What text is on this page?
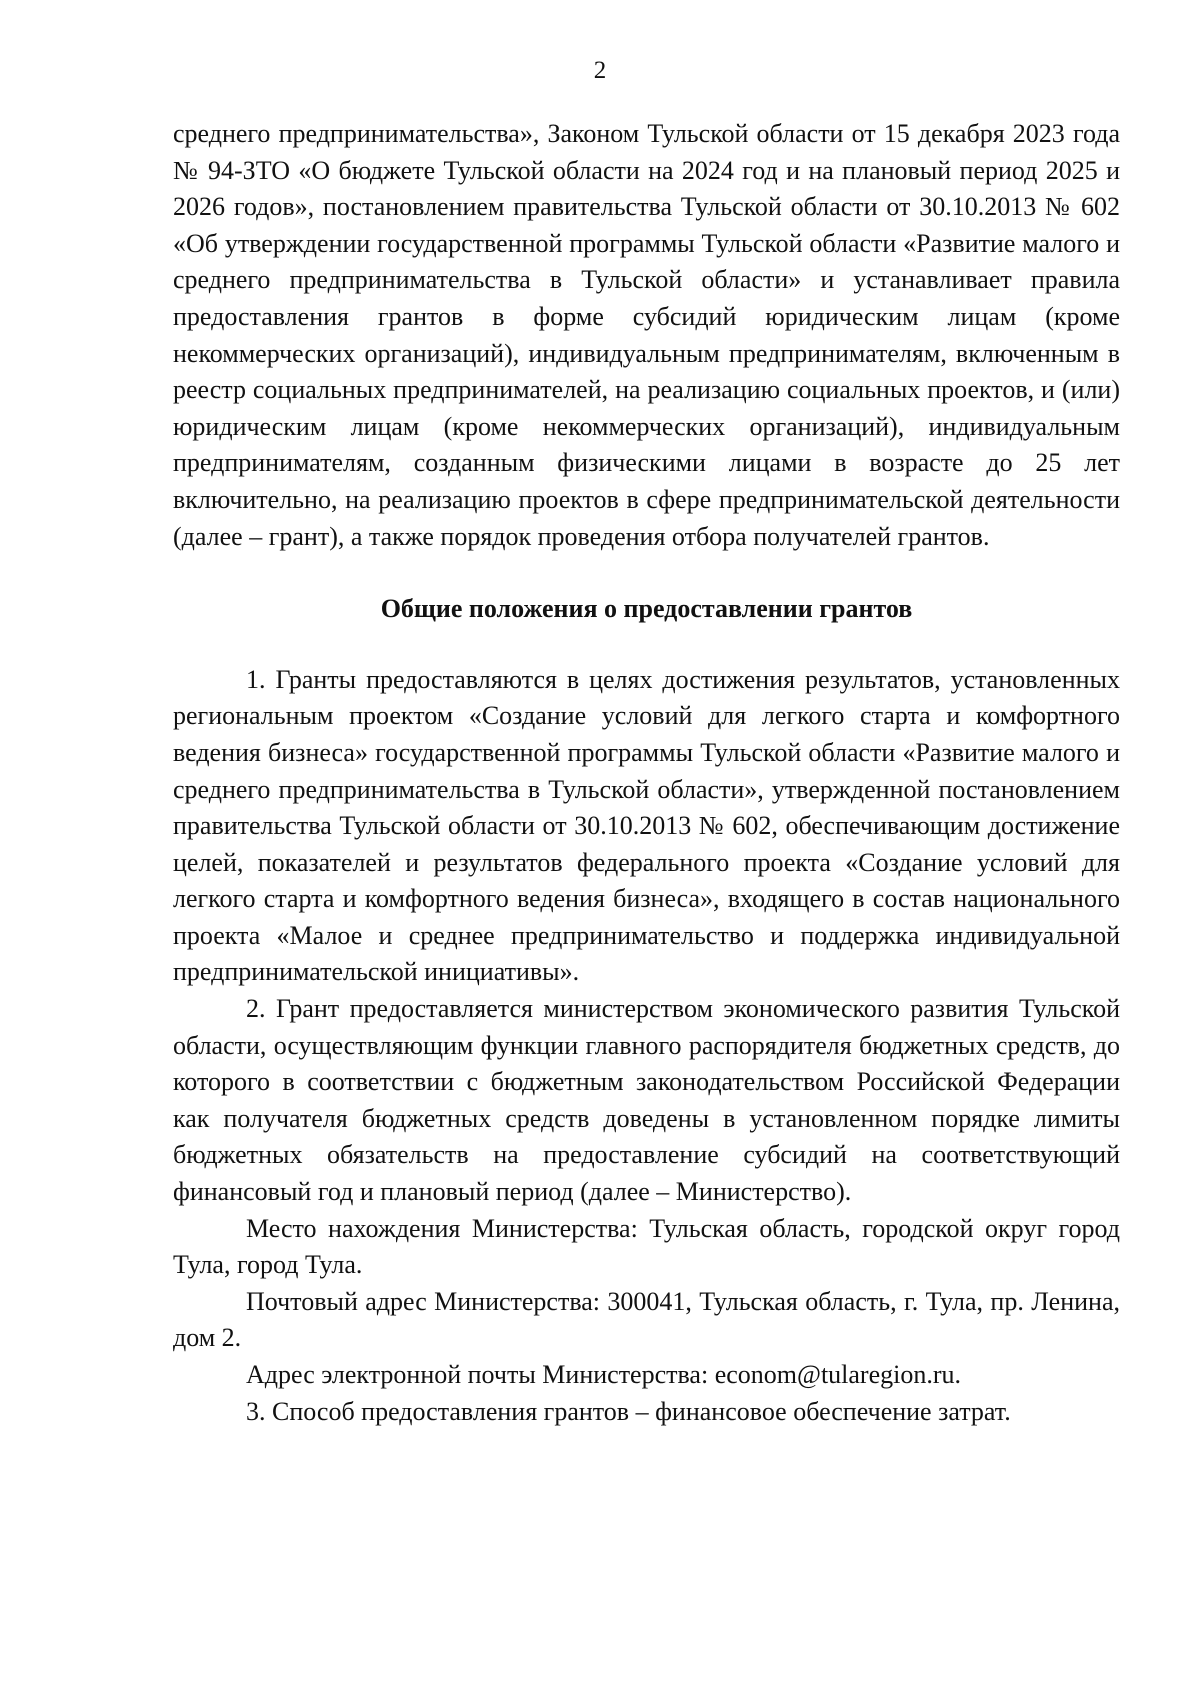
2

среднего предпринимательства», Законом Тульской области от 15 декабря 2023 года № 94-ЗТО «О бюджете Тульской области на 2024 год и на плановый период 2025 и 2026 годов», постановлением правительства Тульской области от 30.10.2013 № 602 «Об утверждении государственной программы Тульской области «Развитие малого и среднего предпринимательства в Тульской области» и устанавливает правила предоставления грантов в форме субсидий юридическим лицам (кроме некоммерческих организаций), индивидуальным предпринимателям, включенным в реестр социальных предпринимателей, на реализацию социальных проектов, и (или) юридическим лицам (кроме некоммерческих организаций), индивидуальным предпринимателям, созданным физическими лицами в возрасте до 25 лет включительно, на реализацию проектов в сфере предпринимательской деятельности (далее – грант), а также порядок проведения отбора получателей грантов.

Общие положения о предоставлении грантов

1. Гранты предоставляются в целях достижения результатов, установленных региональным проектом «Создание условий для легкого старта и комфортного ведения бизнеса» государственной программы Тульской области «Развитие малого и среднего предпринимательства в Тульской области», утвержденной постановлением правительства Тульской области от 30.10.2013 № 602, обеспечивающим достижение целей, показателей и результатов федерального проекта «Создание условий для легкого старта и комфортного ведения бизнеса», входящего в состав национального проекта «Малое и среднее предпринимательство и поддержка индивидуальной предпринимательской инициативы».

2. Грант предоставляется министерством экономического развития Тульской области, осуществляющим функции главного распорядителя бюджетных средств, до которого в соответствии с бюджетным законодательством Российской Федерации как получателя бюджетных средств доведены в установленном порядке лимиты бюджетных обязательств на предоставление субсидий на соответствующий финансовый год и плановый период (далее – Министерство).

Место нахождения Министерства: Тульская область, городской округ город Тула, город Тула.

Почтовый адрес Министерства: 300041, Тульская область, г. Тула, пр. Ленина, дом 2.

Адрес электронной почты Министерства: econom@tularegion.ru.

3. Способ предоставления грантов – финансовое обеспечение затрат.
